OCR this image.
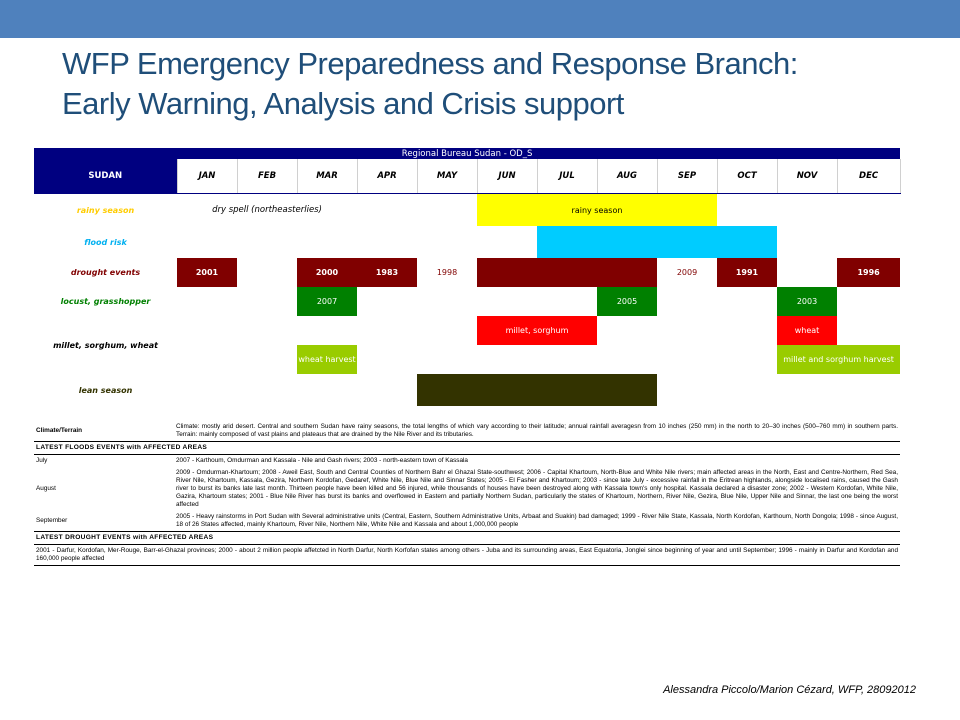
WFP Emergency Preparedness and Response Branch:
Early Warning, Analysis and Crisis support
Regional Bureau Sudan - OD_S												
SUDAN	JAN	FEB	MAR	APR	MAY	JUN	JUL	AUG	SEP	OCT	NOV	DEC
rainy season	dry spell (northeasterlies)					rainy season						
flood risk												
drought events	2001		2000	1983	1998				2009	1991		1996
locust, grasshopper			2007					2005			2003	
millet, sorghum, wheat						millet, sorghum					wheat	
			wheat harvest								millet and sorghum harvest	
lean season												
Climate/Terrain	Climate: mostly arid desert. Central and southern Sudan have rainy seasons, the total lengths of which vary according to their latitude; annual rainfall averagesn from 10 inches (250 mm) in the north to 20–30 inches (500–760 mm) in southern parts. Terrain: mainly composed of vast plains and plateaus that are drained by the Nile River and its tributaries.
LATEST FLOODS EVENTS with AFFECTED AREAS	
July	2007 - Karthoum, Omdurman and Kassala - Nile and Gash rivers; 2003 - north-eastern town of Kassala
August	2009 - Omdurman-Khartoum; 2008 - Aweil East, South and Central Counties of Northern Bahr el Ghazal State-southwest; 2006 - Capital Khartoum, North-Blue and White Nile rivers; main affected areas in the North, East and Centre-Northern, Red Sea, River Nile, Khartoum, Kassala, Gezira, Northern Kordofan, Gedaref, White Nile, Blue Nile and Sinnar States; 2005 - El Fasher and Khartoum; 2003 - since late July - excessive rainfall in the Eritrean highlands, alongside localised rains, caused the Gash river to burst its banks late last month. Thirteen people have been killed and 56 injured, while thousands of houses have been destroyed along with Kassala town's only hospital. Kassala declared a disaster zone; 2002 - Western Kordofan, White Nile, Gazira, Khartoum states; 2001 - Blue Nile River has burst its banks and overflowed in Eastern and partially Northern Sudan, particularly the states of Khartoum, Northern, River Nile, Gezira, Blue Nile, Upper Nile and Sinnar, the last one being the worst affected
September	2005 - Heavy rainstorms in Port Sudan with Several administrative units (Central, Eastern, Southern Administrative Units, Arbaat and Suakin) bad damaged; 1999 - River Nile State, Kassala, North Kordofan, Karthoum, North Dongola; 1998 - since August, 18 of 26 States affected, mainly Khartoum, River Nile, Northern Nile, White Nile and Kassala and about 1,000,000 people
LATEST DROUGHT EVENTS with AFFECTED AREAS	
2001 - Darfur, Kordofan, Mer-Rouge, Barr-el-Ghazal provinces; 2000 - about 2 million people affetcted in North Darfur, North Korfofan states among others - Juba and its surrounding areas, East Equatoria, Jonglei since beginning of year and until September; 1996 - mainly in Darfur and Kordofan and 160,000 people affected	
Alessandra Piccolo/Marion Cézard, WFP, 28092012
